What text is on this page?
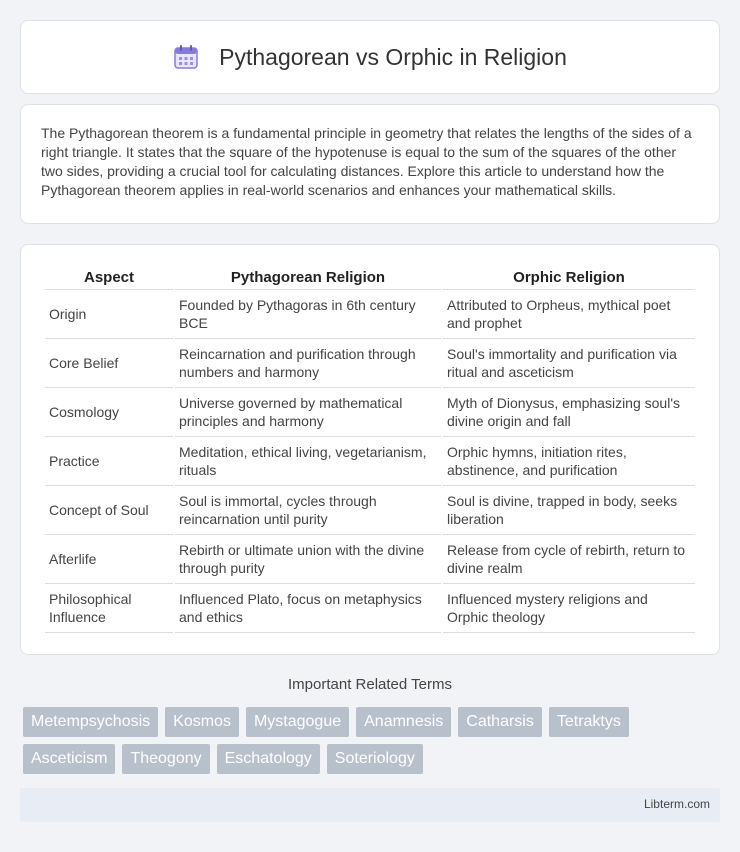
Pythagorean vs Orphic in Religion

The Pythagorean theorem is a fundamental principle in geometry that relates the lengths of the sides of a right triangle. It states that the square of the hypotenuse is equal to the sum of the squares of the other two sides, providing a crucial tool for calculating distances. Explore this article to understand how the Pythagorean theorem applies in real-world scenarios and enhances your mathematical skills.

Aspect	Pythagorean Religion	Orphic Religion
Origin	Founded by Pythagoras in 6th century BCE	Attributed to Orpheus, mythical poet and prophet
Core Belief	Reincarnation and purification through numbers and harmony	Soul's immortality and purification via ritual and asceticism
Cosmology	Universe governed by mathematical principles and harmony	Myth of Dionysus, emphasizing soul's divine origin and fall
Practice	Meditation, ethical living, vegetarianism, rituals	Orphic hymns, initiation rites, abstinence, and purification
Concept of Soul	Soul is immortal, cycles through reincarnation until purity	Soul is divine, trapped in body, seeks liberation
Afterlife	Rebirth or ultimate union with the divine through purity	Release from cycle of rebirth, return to divine realm
Philosophical Influence	Influenced Plato, focus on metaphysics and ethics	Influenced mystery religions and Orphic theology
Important Related Terms
Metempsychosis	Kosmos	Mystagogue	Anamnesis	Catharsis	Tetraktys
Asceticism	Theogony	Eschatology	Soteriology
Libterm.com
